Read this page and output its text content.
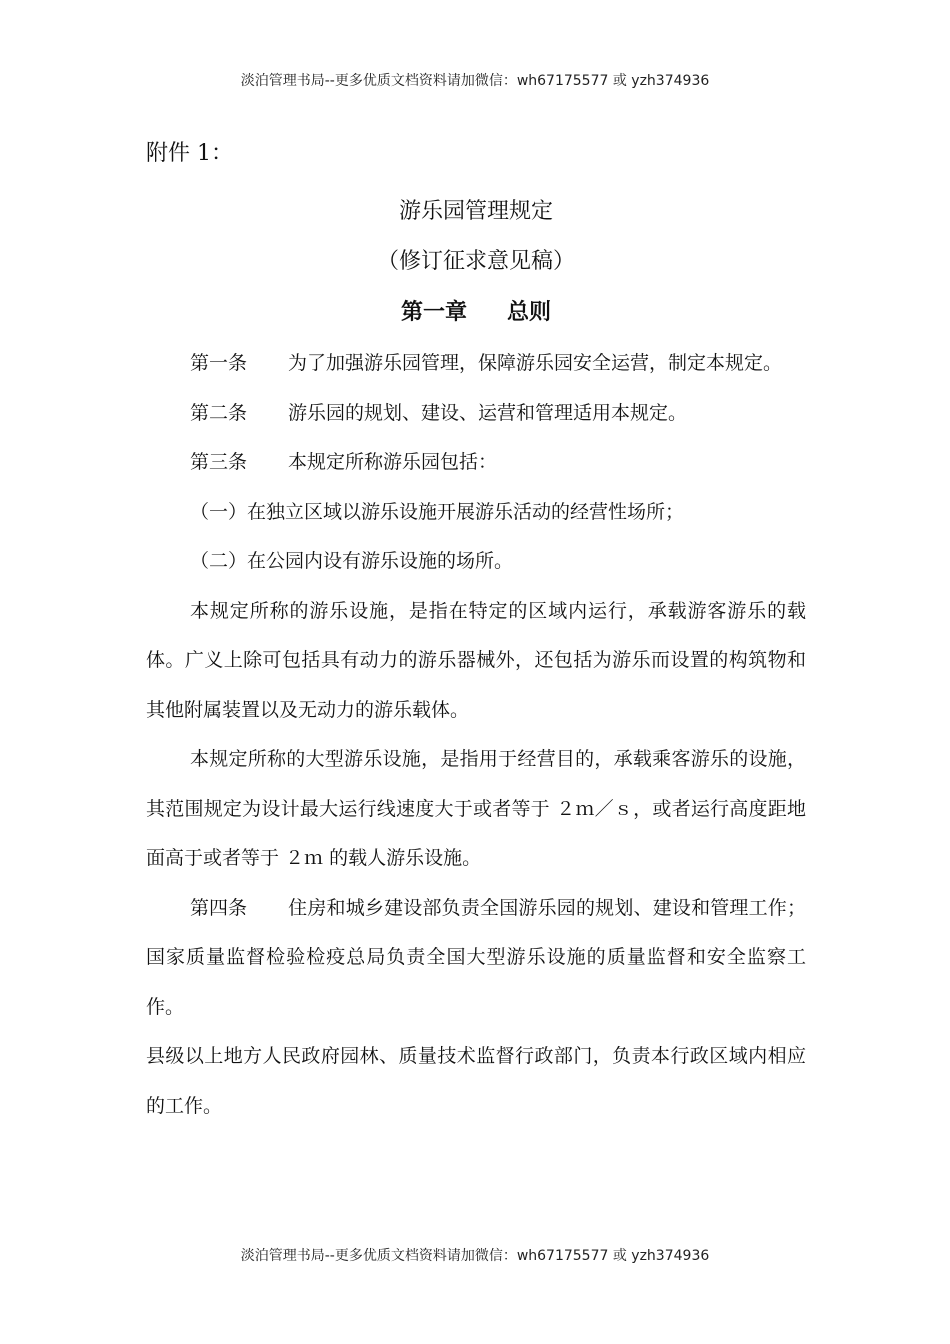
淡泊管理书局--更多优质文档资料请加微信：wh67175577 或 yzh374936
附件 1：
游乐园管理规定
（修订征求意见稿）
第一章 总则

第一条 为了加强游乐园管理，保障游乐园安全运营，制定本规定。

第二条 游乐园的规划、建设、运营和管理适用本规定。

第三条 本规定所称游乐园包括：

（一）在独立区域以游乐设施开展游乐活动的经营性场所；

（二）在公园内设有游乐设施的场所。

本规定所称的游乐设施，是指在特定的区域内运行，承载游客游乐的载体。广义上除可包括具有动力的游乐器械外，还包括为游乐而设置的构筑物和其他附属装置以及无动力的游乐载体。

本规定所称的大型游乐设施，是指用于经营目的，承载乘客游乐的设施，其范围规定为设计最大运行线速度大于或者等于 ２ｍ／ｓ，或者运行高度距地面高于或者等于 ２ｍ 的载人游乐设施。

第四条 住房和城乡建设部负责全国游乐园的规划、建设和管理工作；国家质量监督检验检疫总局负责全国大型游乐设施的质量监督和安全监察工作。

县级以上地方人民政府园林、质量技术监督行政部门，负责本行政区域内相应的工作。

淡泊管理书局--更多优质文档资料请加微信：wh67175577 或 yzh374936
